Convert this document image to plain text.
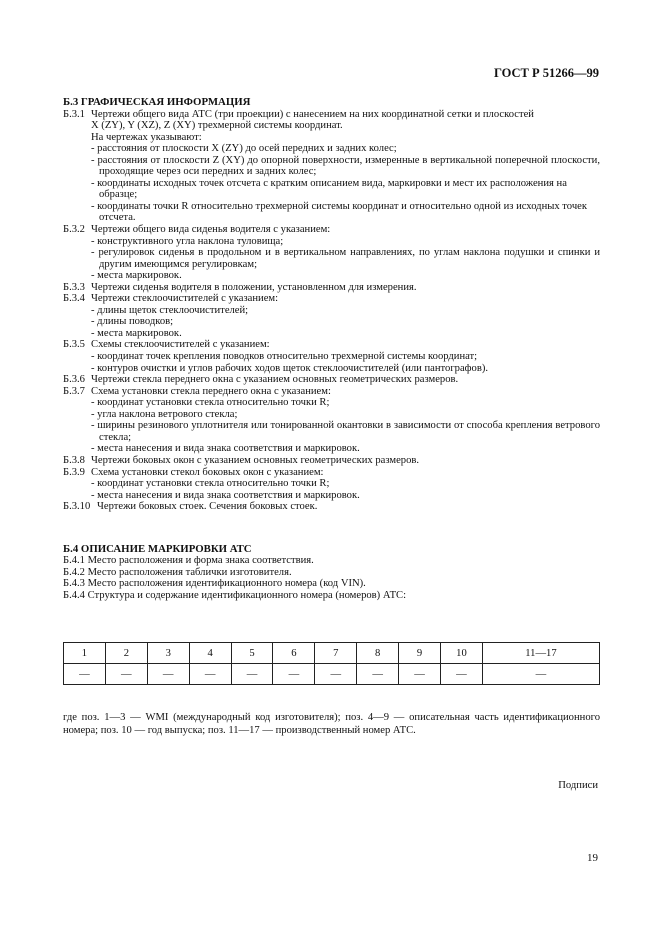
ГОСТ Р 51266—99
Б.3 ГРАФИЧЕСКАЯ ИНФОРМАЦИЯ
Б.3.1 Чертежи общего вида АТС (три проекции) с нанесением на них координатной сетки и плоскостей
X (ZY), Y (XZ), Z (XY) трехмерной системы координат.
На чертежах указывают:
- расстояния от плоскости X (ZY) до осей передних и задних колес;
- расстояния от плоскости Z (XY) до опорной поверхности, измеренные в вертикальной поперечной плоскости, проходящие через оси передних и задних колес;
- координаты исходных точек отсчета с кратким описанием вида, маркировки и мест их расположения на образце;
- координаты точки R относительно трехмерной системы координат и относительно одной из исходных точек отсчета.
Б.3.2 Чертежи общего вида сиденья водителя с указанием:
- конструктивного угла наклона туловища;
- регулировок сиденья в продольном и в вертикальном направлениях, по углам наклона подушки и спинки и другим имеющимся регулировкам;
- места маркировок.
Б.3.3 Чертежи сиденья водителя в положении, установленном для измерения.
Б.3.4 Чертежи стеклоочистителей с указанием:
- длины щеток стеклоочистителей;
- длины поводков;
- места маркировок.
Б.3.5 Схемы стеклоочистителей с указанием:
- координат точек крепления поводков относительно трехмерной системы координат;
- контуров очистки и углов рабочих ходов щеток стеклоочистителей (или пантографов).
Б.3.6 Чертежи стекла переднего окна с указанием основных геометрических размеров.
Б.3.7 Схема установки стекла переднего окна с указанием:
- координат установки стекла относительно точки R;
- угла наклона ветрового стекла;
- ширины резинового уплотнителя или тонированной окантовки в зависимости от способа крепления ветрового стекла;
- места нанесения и вида знака соответствия и маркировок.
Б.3.8 Чертежи боковых окон с указанием основных геометрических размеров.
Б.3.9 Схема установки стекол боковых окон с указанием:
- координат установки стекла относительно точки R;
- места нанесения и вида знака соответствия и маркировок.
Б.3.10 Чертежи боковых стоек. Сечения боковых стоек.
Б.4 ОПИСАНИЕ МАРКИРОВКИ АТС
Б.4.1 Место расположения и форма знака соответствия.
Б.4.2 Место расположения таблички изготовителя.
Б.4.3 Место расположения идентификационного номера (код VIN).
Б.4.4 Структура и содержание идентификационного номера (номеров) АТС:
1	2	3	4	5	6	7	8	9	10	11—17
—	—	—	—	—	—	—	—	—	—	—
где поз. 1—3 — WMI (международный код изготовителя); поз. 4—9 — описательная часть идентификационного номера; поз. 10 — год выпуска; поз. 11—17 — производственный номер АТС.
Подписи
19
